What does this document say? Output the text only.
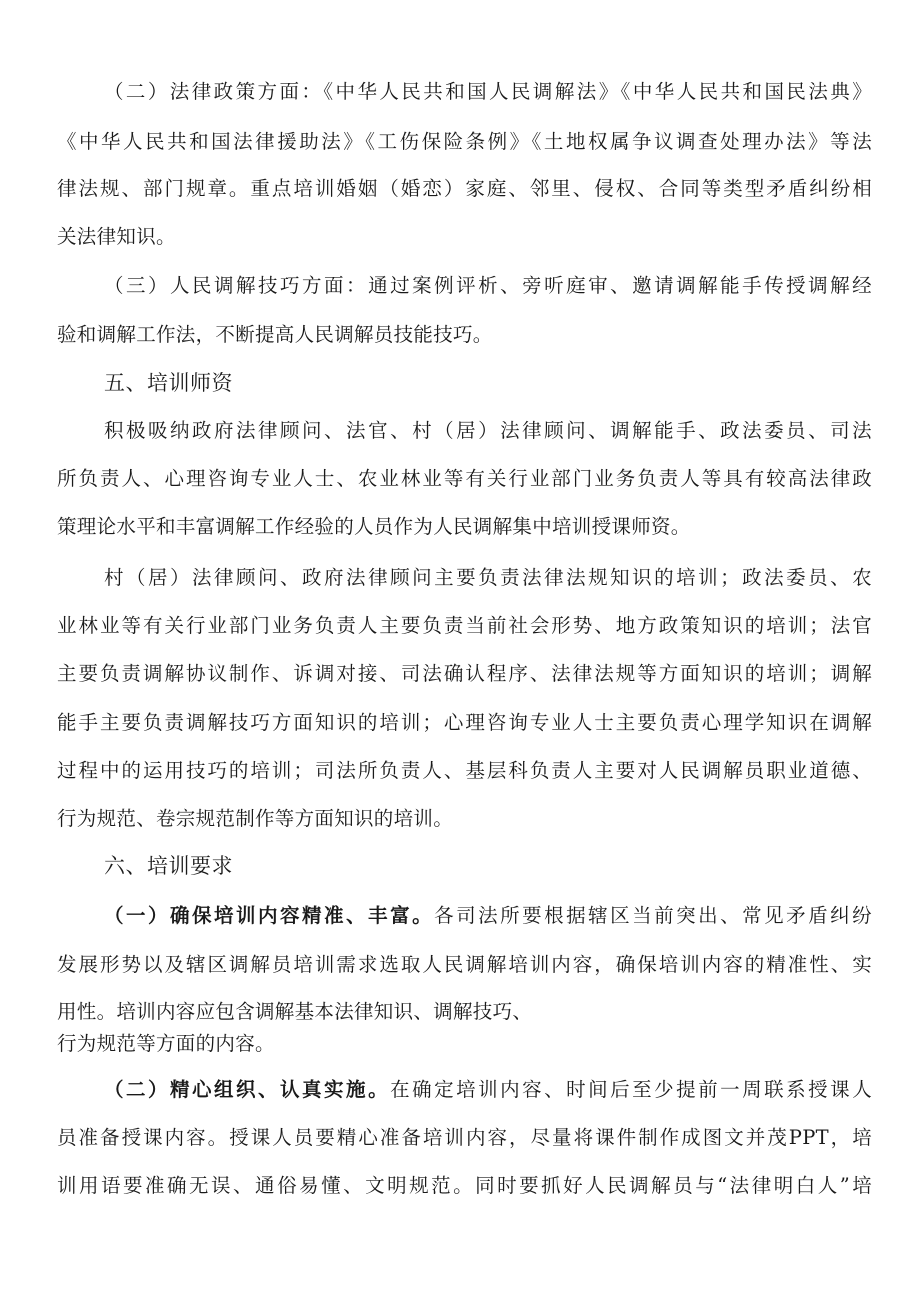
（二）法律政策方面：《中华人民共和国人民调解法》《中华人民共和国民法典》
《中华人民共和国法律援助法》《工伤保险条例》《土地权属争议调查处理办法》等法
律法规、部门规章。重点培训婚姻（婚恋）家庭、邻里、侵权、合同等类型矛盾纠纷相
关法律知识。
（三）人民调解技巧方面：通过案例评析、旁听庭审、邀请调解能手传授调解经
验和调解工作法，不断提高人民调解员技能技巧。
五、培训师资
积极吸纳政府法律顾问、法官、村（居）法律顾问、调解能手、政法委员、司法
所负责人、心理咨询专业人士、农业林业等有关行业部门业务负责人等具有较高法律政
策理论水平和丰富调解工作经验的人员作为人民调解集中培训授课师资。
村（居）法律顾问、政府法律顾问主要负责法律法规知识的培训；政法委员、农
业林业等有关行业部门业务负责人主要负责当前社会形势、地方政策知识的培训；法官
主要负责调解协议制作、诉调对接、司法确认程序、法律法规等方面知识的培训；调解
能手主要负责调解技巧方面知识的培训；心理咨询专业人士主要负责心理学知识在调解
过程中的运用技巧的培训；司法所负责人、基层科负责人主要对人民调解员职业道德、
行为规范、卷宗规范制作等方面知识的培训。
六、培训要求
（一）确保培训内容精准、丰富。各司法所要根据辖区当前突出、常见矛盾纠纷
发展形势以及辖区调解员培训需求选取人民调解培训内容，确保培训内容的精准性、实
用性。培训内容应包含调解基本法律知识、调解技巧、
行为规范等方面的内容。
（二）精心组织、认真实施。在确定培训内容、时间后至少提前一周联系授课人
员准备授课内容。授课人员要精心准备培训内容，尽量将课件制作成图文并茂PPT，培
训用语要准确无误、通俗易懂、文明规范。同时要抓好人民调解员与“法律明白人”培
